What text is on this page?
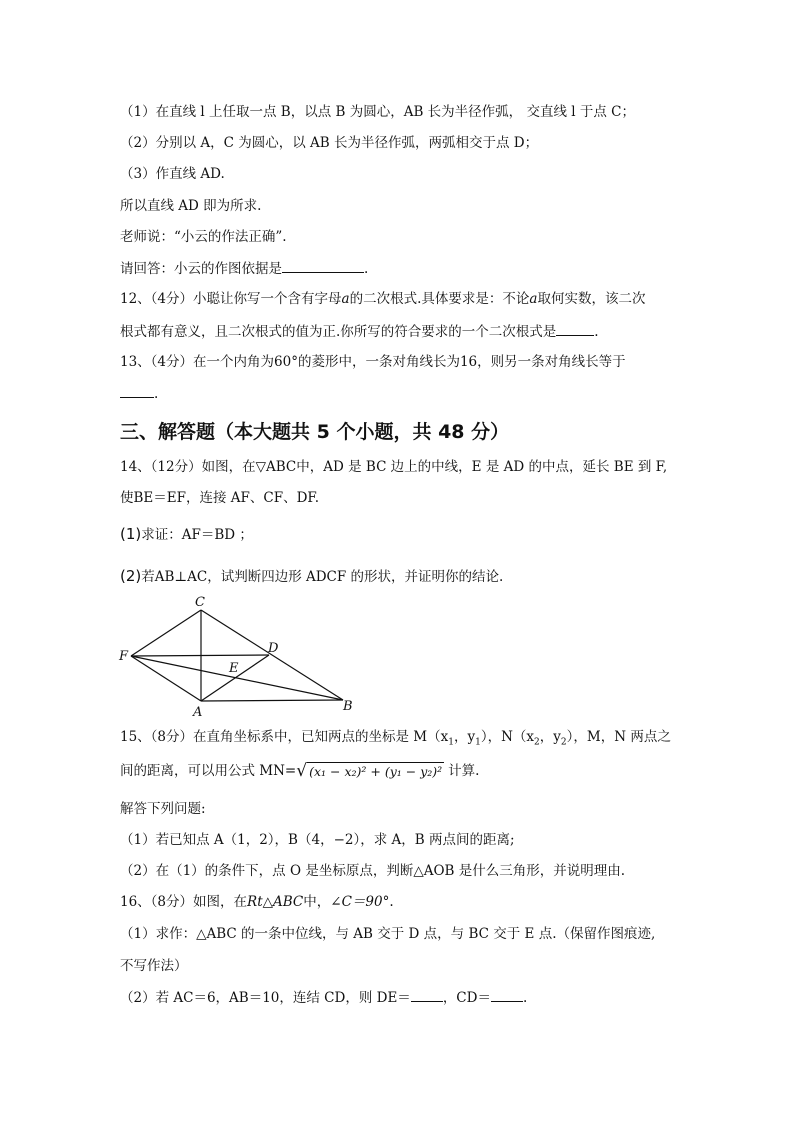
（1）在直线 l 上任取一点 B，以点 B 为圆心，AB 长为半径作弧， 交直线 l 于点 C；
（2）分别以 A，C 为圆心，以 AB 长为半径作弧，两弧相交于点 D；
（3）作直线 AD.
所以直线 AD 即为所求.
老师说：“小云的作法正确”.
请回答：小云的作图依据是	.
12、（4分）小聪让你写一个含有字母a的二次根式.具体要求是：不论a取何实数，该二次
根式都有意义，且二次根式的值为正.你所写的符合要求的一个二次根式是	.
13、（4分）在一个内角为60°的菱形中，一条对角线长为16，则另一条对角线长等于
.
三、解答题（本大题共 5 个小题，共 48 分）
14、（12分）如图，在▽ABC中，AD 是 BC 边上的中线，E 是 AD 的中点，延长 BE 到 F,
使BE＝EF，连接 AF、CF、DF.
(1)求证：AF＝BD ；
(2)若AB⊥AC，试判断四边形 ADCF 的形状，并证明你的结论.
C
D
F
E
A	B
15、（8分）在直角坐标系中，已知两点的坐标是 $M(x_1$，$y_1$），$N(x_2$，$y_2$），M，N 两点之
间的距离，可以用公式 MN=√ (x₁ − x₂)² + (y₁ − y₂)² 计算.
解答下列问题:
（1）若已知点 A（1，2），B（4，−2），求 A，B 两点间的距离;
（2）在（1）的条件下，点 O 是坐标原点，判断△AOB 是什么三角形，并说明理由.
16、（8分）如图，在Rt△ABC中，∠C＝90°.
（1）求作：△ABC 的一条中位线，与 AB 交于 D 点，与 BC 交于 E 点.（保留作图痕迹,
不写作法）
（2）若 AC＝6，AB＝10，连结 CD，则 DE＝ ，CD＝ .
